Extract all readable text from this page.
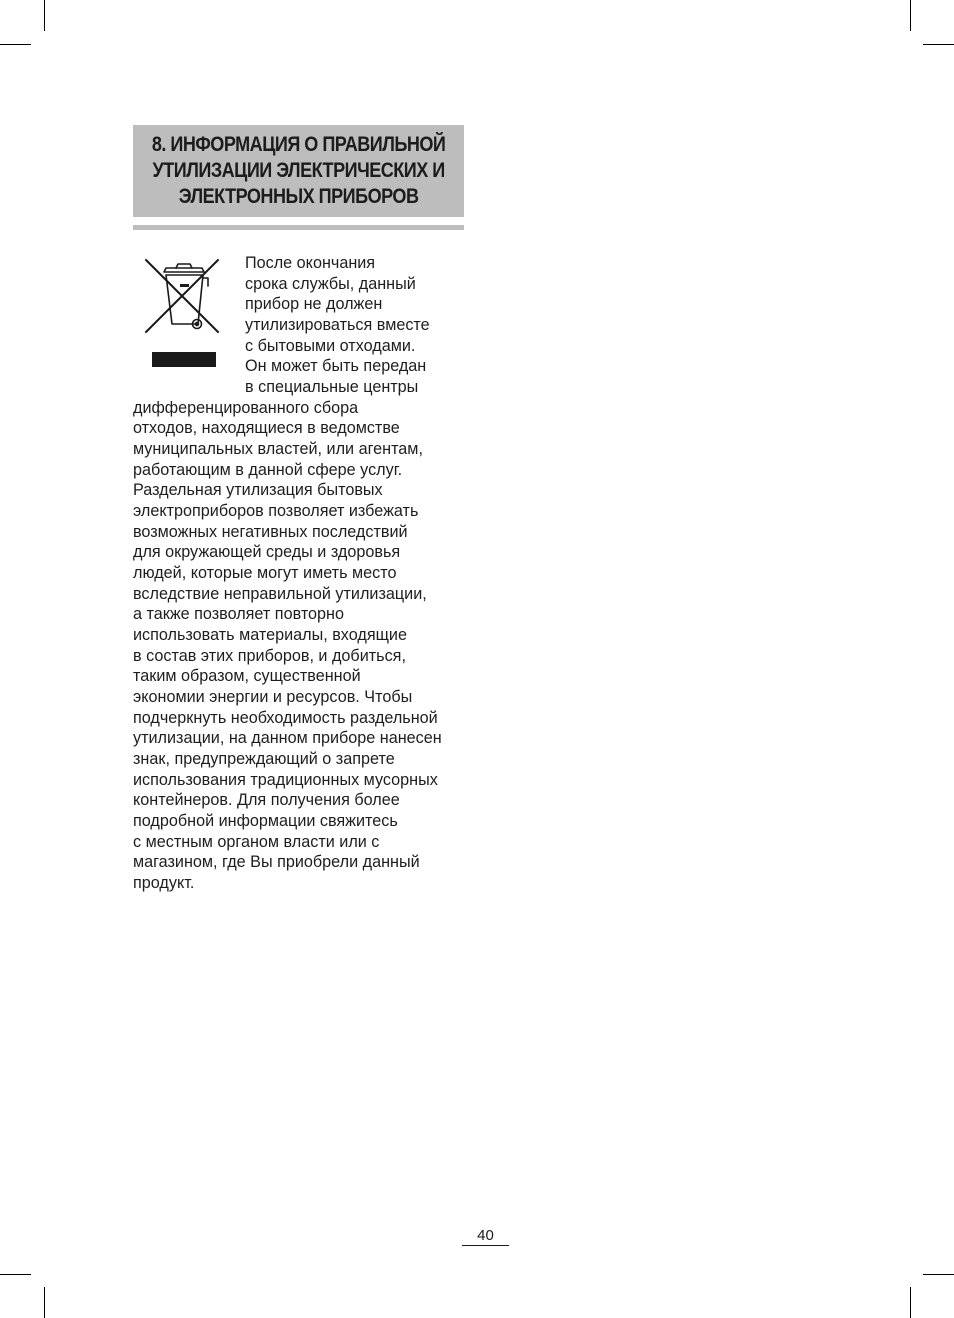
8. ИНФОРМАЦИЯ О ПРАВИЛЬНОЙ
УТИЛИЗАЦИИ ЭЛЕКТРИЧЕСКИХ И
ЭЛЕКТРОННЫХ ПРИБОРОВ
После окончания
срока службы, данный
прибор не должен
утилизироваться вместе
с бытовыми отходами.
Он может быть передан
в специальные центры
дифференцированного сбора
отходов, находящиеся в ведомстве
муниципальных властей, или агентам,
работающим в данной сфере услуг.
Раздельная утилизация бытовых
электроприборов позволяет избежать
возможных негативных последствий
для окружающей среды и здоровья
людей, которые могут иметь место
вследствие неправильной утилизации,
а также позволяет повторно
использовать материалы, входящие
в состав этих приборов, и добиться,
таким образом, существенной
экономии энергии и ресурсов. Чтобы
подчеркнуть необходимость раздельной
утилизации, на данном приборе нанесен
знак, предупреждающий о запрете
использования традиционных мусорных
контейнеров. Для получения более
подробной информации свяжитесь
с местным органом власти или с
магазином, где Вы приобрели данный
продукт.
40
